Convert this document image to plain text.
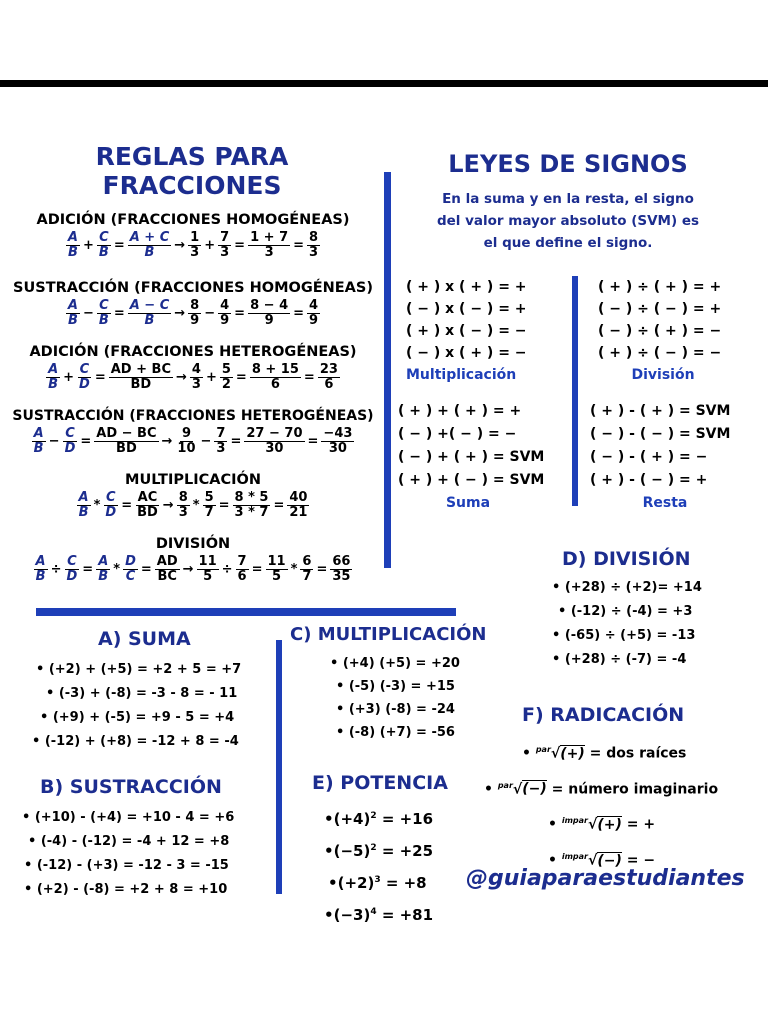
REGLAS PARA
FRACCIONES
ADICIÓN (FRACCIONES HOMOGÉNEAS)
$\frac{A}{B} + \frac{C}{B} = \frac{A + C}{B} \to \frac{1}{3} + \frac{7}{3} = \frac{1 + 7}{3} = \frac{8}{3}$
SUSTRACCIÓN (FRACCIONES HOMOGÉNEAS)
$\frac{A}{B} - \frac{C}{B} = \frac{A - C}{B} \to \frac{8}{9} - \frac{4}{9} = \frac{8 - 4}{9} = \frac{4}{9}$
ADICIÓN (FRACCIONES HETEROGÉNEAS)
$\frac{A}{B} + \frac{C}{D} = \frac{AD + BC}{BD} \to \frac{4}{3} + \frac{5}{2} = \frac{8 + 15}{6} = \frac{23}{6}$
SUSTRACCIÓN (FRACCIONES HETEROGÉNEAS)
$\frac{A}{B} - \frac{C}{D} = \frac{AD - BC}{BD} \to \frac{9}{10} - \frac{7}{3} = \frac{27 - 70}{30} = \frac{-43}{30}$
MULTIPLICACIÓN
$\frac{A}{B} * \frac{C}{D} = \frac{AC}{BD} \to \frac{8}{3} * \frac{5}{7} = \frac{8 * 5}{3 * 7} = \frac{40}{21}$
DIVISIÓN
$\frac{A}{B} \div \frac{C}{D} = \frac{A}{B} * \frac{D}{C} = \frac{AD}{BC} \to \frac{11}{5} \div \frac{7}{6} = \frac{11}{5} * \frac{6}{7} = \frac{66}{35}$
LEYES DE SIGNOS
En la suma y en la resta, el signo
del valor mayor absoluto (SVM) es
el que define el signo.
( + ) x ( + ) = +
( − ) x ( − ) = +
( + ) x ( − ) = −
( − ) x ( + ) = −
Multiplicación
( + ) ÷ ( + ) = +
( − ) ÷ ( − ) = +
( − ) ÷ ( + ) = −
( + ) ÷ ( − ) = −
División
( + ) + ( + ) = +
( − ) +( − ) = −
( − ) + ( + ) = SVM
( + ) + ( − ) = SVM
Suma
( + ) - ( + ) = SVM
( − ) - ( − ) = SVM
( − ) - ( + ) = −
( + ) - ( − ) = +
Resta
A) SUMA
• (+2) + (+5) = +2 + 5 = +7
• (-3) + (-8) = -3 - 8 = - 11
• (+9) + (-5) = +9 - 5 = +4
• (-12) + (+8) = -12 + 8 = -4
B) SUSTRACCIÓN
• (+10) - (+4) = +10 - 4 = +6
• (-4) - (-12) = -4 + 12 = +8
• (-12) - (+3) = -12 - 3 = -15
• (+2) - (-8) = +2 + 8 = +10
C) MULTIPLICACIÓN
• (+4) (+5) = +20
• (-5) (-3) = +15
• (+3) (-8) = -24
• (-8) (+7) = -56
D) DIVISIÓN
• (+28) ÷ (+2)= +14
• (-12) ÷ (-4) = +3
• (-65) ÷ (+5) = -13
• (+28) ÷ (-7) = -4
E) POTENCIA
$•(+4)^2 = +16$
$•(-5)^2 = +25$
$•(+2)^3 = +8$
$•(-3)^4 = +81$
F) RADICACIÓN
• $^{par}$√(+) = dos raíces
• $^{par}$√(−) = número imaginario
• $^{impar}$√(+) = +
• $^{impar}$√(−) = −
@guiaparaestudiantes
